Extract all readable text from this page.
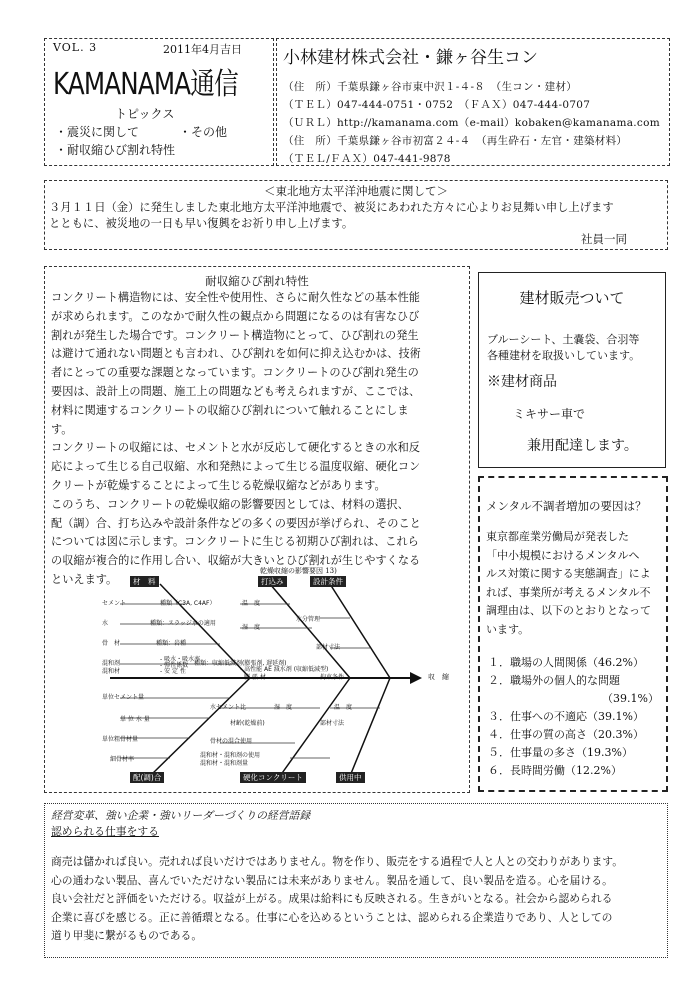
VOL. 3	2011年4月吉日

KAMANAMA通信

トピックス

・震災に関して	・その他

・耐収縮ひび割れ特性

小林建材株式会社・鎌ヶ谷生コン

（住　所）千葉県鎌ヶ谷市東中沢１‐４‐８　（生コン・建材）

（ＴＥＬ）047‐444‐0751・0752　（ＦＡＸ）047‐444‐0707

（ＵＲＬ）http://kamanama.com（e-mail）kobaken@kamanama.com

（住　所）千葉県鎌ヶ谷市初富２４‐４　（再生砕石・左官・建築材料）

（ＴＥＬ/ＦＡＸ）047‐441‐9878

＜東北地方太平洋沖地震に関して＞

３月１１日（金）に発生しました東北地方太平洋沖地震で、被災にあわれた方々に心よりお見舞い申し上げます

とともに、被災地の一日も早い復興をお祈り申し上げます。

社員一同

耐収縮ひび割れ特性

コンクリート構造物には、安全性や使用性、さらに耐久性などの基本性能

が求められます。このなかで耐久性の観点から問題になるのは有害なひび

割れが発生した場合です。コンクリート構造物にとって、ひび割れの発生

は避けて通れない問題とも言われ、ひび割れを如何に抑え込むかは、技術

者にとっての重要な課題となっています。コンクリートのひび割れ発生の

要因は、設計上の問題、施工上の問題なども考えられますが、ここでは、

材料に関連するコンクリートの収縮ひび割れについて触れることにしま

す。

コンクリートの収縮には、セメントと水が反応して硬化するときの水和反

応によって生じる自己収縮、水和発熱によって生じる温度収縮、硬化コン

クリートが乾燥することによって生じる乾燥収縮などがあります。

このうち、コンクリートの乾燥収縮の影響要因としては、材料の選択、

配（調）合、打ち込みや設計条件などの多くの要因が挙げられ、そのこと

については図に示します。コンクリートに生じる初期ひび割れは、これら

の収縮が複合的に作用し合い、収縮が大きいとひび割れが生じやすくなる

といえます。

乾燥収縮の影響要因 13)

材　料	打込み	設計条件
配(調)合	硬化コンクリート	供用中
収　縮
セメント	種類（C3A, C4AF）	温　度
水	種類：スラッジ水の適用
水分管理
骨　材	種類：岩種
湿　度
部材寸法
- 吸水・吸水率
- 弾性係数
- 安 定 性
混和剤	種類：収縮低減剤(膨張剤, 遅延剤)
拘束条件
混和材	- 高性能 AE 減水剤 (収縮低減型)
- 膨 張 材
単位セメント量
水セメント比	湿　度	温　度
単 位 水 量
材齢(乾燥前)	部材寸法
単位粗骨材量	骨材の混合使用
細骨材率
混和材・混和剤の使用
混和材・混和剤量

建材販売ついて

ブルーシート、土嚢袋、合羽等

各種建材を取扱いしています。

※建材商品

ミキサー車で

兼用配達します。

メンタル不調者増加の要因は？

東京都産業労働局が発表した

「中小規模におけるメンタルヘ

ルス対策に関する実態調査」によ

れば、事業所が考えるメンタル不

調理由は、以下のとおりとなって

います。

１．職場の人間関係（46.2%）

２．職場外の個人的な問題

（39.1%）

３．仕事への不適応（39.1%）

４．仕事の質の高さ（20.3%）

５．仕事量の多さ（19.3%）

６．長時間労働（12.2%）

経営変革、強い企業・強いリーダーづくりの経営語録

認められる仕事をする

商売は儲かれば良い。売れれば良いだけではありません。物を作り、販売をする過程で人と人との交わりがあります。

心の通わない製品、喜んでいただけない製品には未来がありません。製品を通して、良い製品を造る。心を届ける。

良い会社だと評価をいただける。収益が上がる。成果は給料にも反映される。生きがいとなる。社会から認められる

企業に喜びを感じる。正に善循環となる。仕事に心を込めるということは、認められる企業造りであり、人としての

道り甲斐に繋がるものである。
